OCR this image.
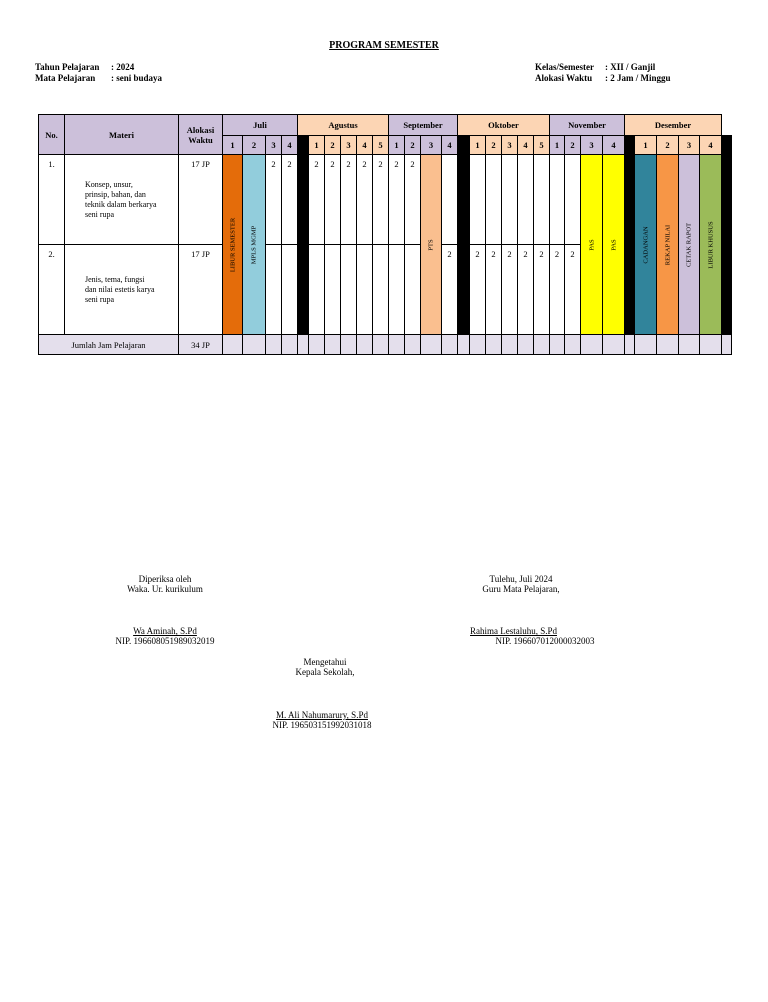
PROGRAM SEMESTER
Tahun Pelajaran : 2024
Mata Pelajaran : seni budaya
Kelas/Semester : XII / Ganjil
Alokasi Waktu : 2 Jam / Minggu
No.	Materi	Alokasi Waktu	Juli				Agustus						September				Oktober						November				Desember					
			1	2	3	4		1	2	3	4	5	1	2	3	4		1	2	3	4	5	1	2	3	4		1	2	3	4	
1.	Konsep, unsur, prinsip, bahan, dan teknik dalam berkarya seni rupa	17 JP	LIBUR SEMESTER	MPLS MGMP	2	2		2	2	2	2	2	2	2	PTS										PAS	PAS		CADANGAN	REKAP NILAI	CETAK RAPOT	LIBUR KHUSUS	

2.	Jenis, tema, fungsi dan nilai estetis karya seni rupa	17 JP														2		2	2	2	2	2	2	2								
Jumlah Jam Pelajaran		34 JP																														
Diperiksa oleh
Waka. Ur. kurikulum
Wa Aminah, S.Pd
NIP. 196608051989032019
Tulehu, Juli 2024
Guru Mata Pelajaran,
Rahima Lestaluhu, S.Pd
NIP. 196607012000032003
Mengetahui
Kepala Sekolah,
M. Ali Nahumarury, S.Pd
NIP. 196503151992031018
